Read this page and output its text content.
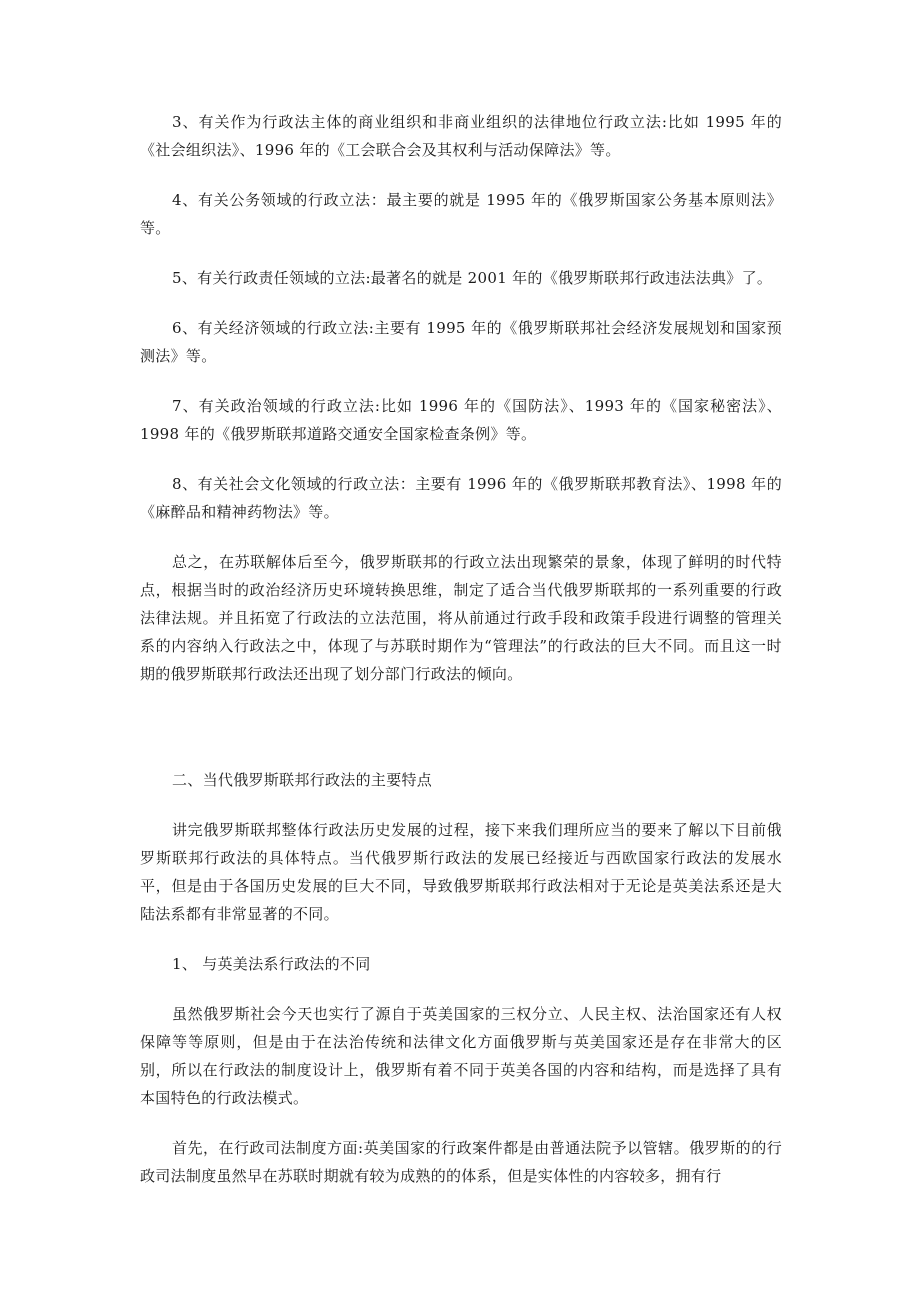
3、有关作为行政法主体的商业组织和非商业组织的法律地位行政立法:比如 1995 年的《社会组织法》、1996 年的《工会联合会及其权利与活动保障法》等。

4、有关公务领域的行政立法：最主要的就是 1995 年的《俄罗斯国家公务基本原则法》等。

5、有关行政责任领域的立法:最著名的就是 2001 年的《俄罗斯联邦行政违法法典》了。

6、有关经济领域的行政立法:主要有 1995 年的《俄罗斯联邦社会经济发展规划和国家预测法》等。

7、有关政治领域的行政立法:比如 1996 年的《国防法》、1993 年的《国家秘密法》、1998 年的《俄罗斯联邦道路交通安全国家检查条例》等。

8、有关社会文化领域的行政立法：主要有 1996 年的《俄罗斯联邦教育法》、1998 年的《麻醉品和精神药物法》等。

总之，在苏联解体后至今，俄罗斯联邦的行政立法出现繁荣的景象，体现了鲜明的时代特点，根据当时的政治经济历史环境转换思维，制定了适合当代俄罗斯联邦的一系列重要的行政法律法规。并且拓宽了行政法的立法范围，将从前通过行政手段和政策手段进行调整的管理关系的内容纳入行政法之中，体现了与苏联时期作为“管理法”的行政法的巨大不同。而且这一时期的俄罗斯联邦行政法还出现了划分部门行政法的倾向。

二、当代俄罗斯联邦行政法的主要特点

讲完俄罗斯联邦整体行政法历史发展的过程，接下来我们理所应当的要来了解以下目前俄罗斯联邦行政法的具体特点。当代俄罗斯行政法的发展已经接近与西欧国家行政法的发展水平，但是由于各国历史发展的巨大不同，导致俄罗斯联邦行政法相对于无论是英美法系还是大陆法系都有非常显著的不同。

1、 与英美法系行政法的不同

虽然俄罗斯社会今天也实行了源自于英美国家的三权分立、人民主权、法治国家还有人权保障等等原则，但是由于在法治传统和法律文化方面俄罗斯与英美国家还是存在非常大的区别，所以在行政法的制度设计上，俄罗斯有着不同于英美各国的内容和结构，而是选择了具有本国特色的行政法模式。

首先，在行政司法制度方面:英美国家的行政案件都是由普通法院予以管辖。俄罗斯的的行政司法制度虽然早在苏联时期就有较为成熟的的体系，但是实体性的内容较多，拥有行
